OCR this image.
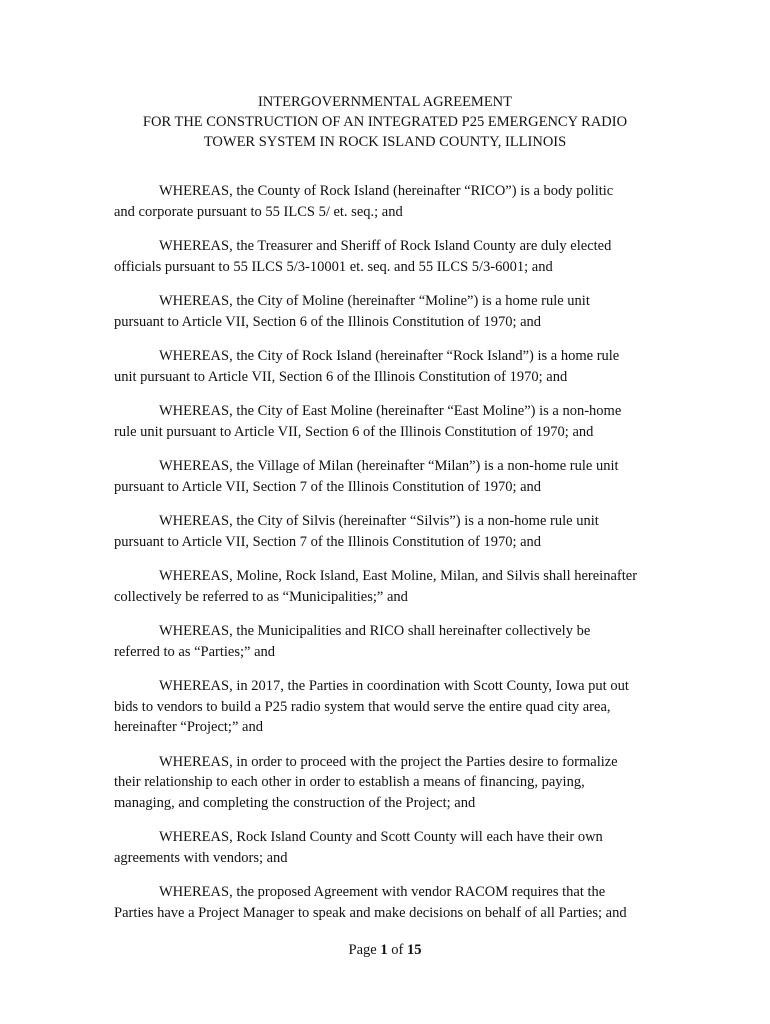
INTERGOVERNMENTAL AGREEMENT
FOR THE CONSTRUCTION OF AN INTEGRATED P25 EMERGENCY RADIO
TOWER SYSTEM IN ROCK ISLAND COUNTY, ILLINOIS
WHEREAS, the County of Rock Island (hereinafter “RICO”) is a body politic
and corporate pursuant to 55 ILCS 5/ et. seq.; and
WHEREAS, the Treasurer and Sheriff of Rock Island County are duly elected
officials pursuant to 55 ILCS 5/3-10001 et. seq. and 55 ILCS 5/3-6001; and
WHEREAS, the City of Moline (hereinafter “Moline”) is a home rule unit
pursuant to Article VII, Section 6 of the Illinois Constitution of 1970; and
WHEREAS, the City of Rock Island (hereinafter “Rock Island”) is a home rule
unit pursuant to Article VII, Section 6 of the Illinois Constitution of 1970; and
WHEREAS, the City of East Moline (hereinafter “East Moline”) is a non-home
rule unit pursuant to Article VII, Section 6 of the Illinois Constitution of 1970; and
WHEREAS, the Village of Milan (hereinafter “Milan”) is a non-home rule unit
pursuant to Article VII, Section 7 of the Illinois Constitution of 1970; and
WHEREAS, the City of Silvis (hereinafter “Silvis”) is a non-home rule unit
pursuant to Article VII, Section 7 of the Illinois Constitution of 1970; and
WHEREAS, Moline, Rock Island, East Moline, Milan, and Silvis shall hereinafter
collectively be referred to as “Municipalities;” and
WHEREAS, the Municipalities and RICO shall hereinafter collectively be
referred to as “Parties;” and
WHEREAS, in 2017, the Parties in coordination with Scott County, Iowa put out
bids to vendors to build a P25 radio system that would serve the entire quad city area,
hereinafter “Project;” and
WHEREAS, in order to proceed with the project the Parties desire to formalize
their relationship to each other in order to establish a means of financing, paying,
managing, and completing the construction of the Project; and
WHEREAS, Rock Island County and Scott County will each have their own
agreements with vendors; and
WHEREAS, the proposed Agreement with vendor RACOM requires that the
Parties have a Project Manager to speak and make decisions on behalf of all Parties; and
Page 1 of 15
